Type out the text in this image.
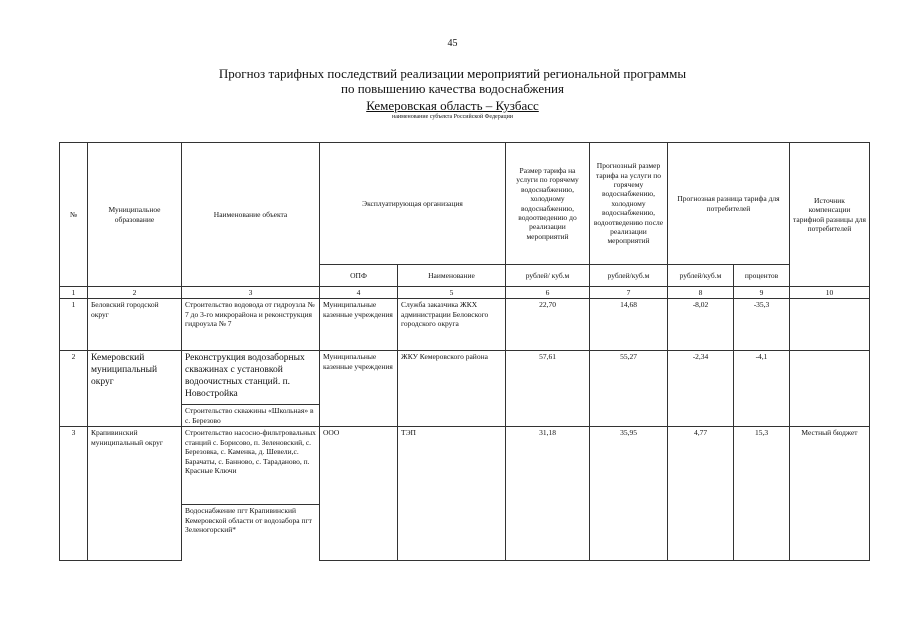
45
Прогноз тарифных последствий реализации мероприятий региональной программы
по повышению качества водоснабжения
Кемеровская область – Кузбасс
наименование субъекта Российской Федерации
№	Муниципальное образование	Наименование объекта	Эксплуатирующая организация		Размер тарифа на услуги по горячему водоснабжению, холодному водоснабжению, водоотведению до реализации мероприятий	Прогнозный размер тарифа на услуги по горячему водоснабжению, холодному водоснабжению, водоотведению после реализации мероприятий	Прогнозная разница тарифа для потребителей		Источник компенсации тарифной разницы для потребителей
			ОПФ	Наименование	рублей/ куб.м	рублей/куб.м	рублей/куб.м	процентов	
1	2	3	4	5	6	7	8	9	10
1	Беловский городской округ	Строительство водовода от гидроузла № 7 до 3-го микрорайона и реконструкция гидроузла № 7	Муниципальные казенные учреждения	Служба заказчика ЖКХ администрации Беловского городского округа	22,70	14,68	-8,02	-35,3	
2	Кемеровский муниципальный округ	Реконструкция водозаборных скважинах с установкой водоочистных станций. п. Новостройка	Муниципальные казенные учреждения	ЖКУ Кемеровского района	57,61	55,27	-2,34	-4,1	
		Строительство скважины «Школьная» в с. Березово							
3	Крапивинский муниципальный округ	Строительство насосно-фильтровальных станций с. Борисово, п. Зеленовский, с. Березовка, с. Каменка, д. Шевели,с. Барачаты, с. Банново, с. Тараданово, п. Красные Ключи	ООО	ТЭП	31,18	35,95	4,77	15,3	Местный бюджет
		Водоснабжение пгт Крапивинский Кемеровской области от водозабора пгт Зеленогорский*							
